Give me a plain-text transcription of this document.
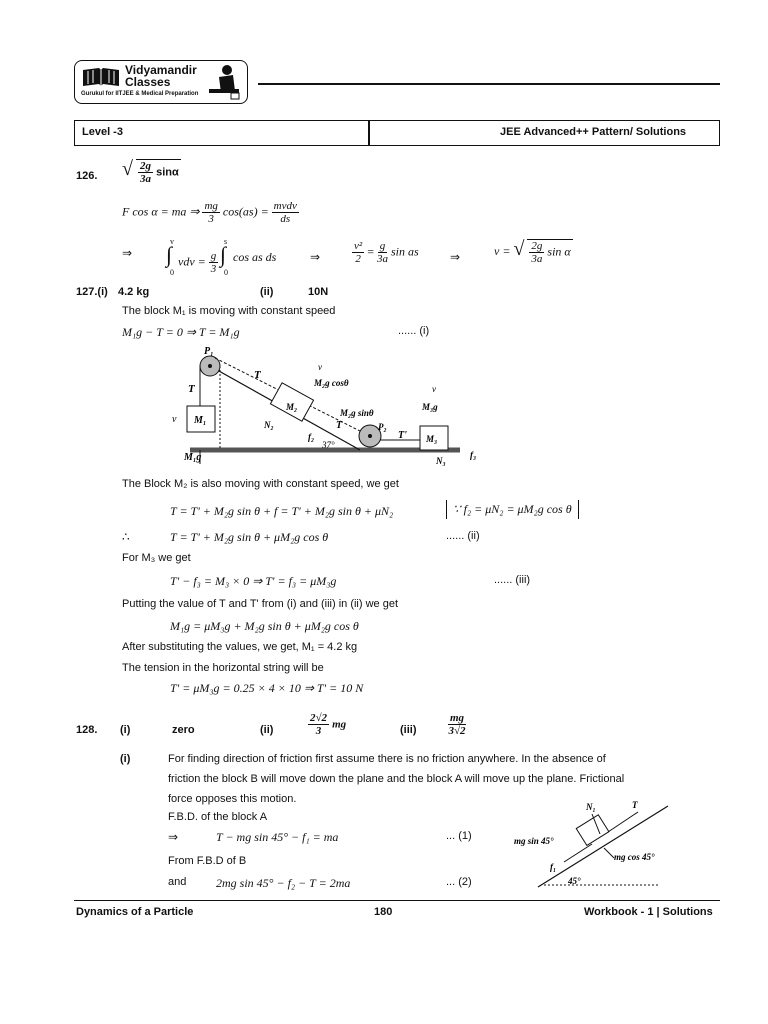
Vidyamandir
Classes
Gurukul for IITJEE & Medical Preparation
Level -3	JEE Advanced++ Pattern/ Solutions
126. √ $\frac{2g}{3a}$ sinα
F cos α = ma ⇒ $\frac{mg}{3} \cos(as) = \frac{\text{mvdv}}{ds}$
⇒
v
∫
0
vdv = $\frac{g}{3}$
s
∫
0
cos as ds	⇒	$\frac{\text{v²}}{2} = \frac{g}{3a}$ sin as	⇒	v = √ $\frac{2g}{3a}$ sin α
127.(i) 4.2 kg	(ii)	10N
The block M₁ is moving with constant speed
M₁g − T = 0 ⇒ T = M₁g	...... (i)
P₁
T
v M₁
M₁g
T
v
M₂g cosθ
M₂
M₂g sinθ
N₂
f₂
T
37°
P₂
T'
v
M₃g
M₃
N₃
f₃
The Block M₂ is also moving with constant speed, we get
T = T' + M₂g sin θ + f = T' + M₂g sin θ + μN₂	∵ f₂ = μN₂ = μM₂g cos θ
∴	T = T' + M₂g sin θ + μM₂g cos θ	...... (ii)
For M₃ we get
T' − f₃ = M₃ × 0 ⇒ T' = f₃ = μM₃g	...... (iii)
Putting the value of T and T' from (i) and (iii) in (ii) we get
M₁g = μM₃g + M₂g sin θ + μM₂g cos θ
After substituting the values, we get, M₁ = 4.2 kg
The tension in the horizontal string will be
T' = μM₃g = 0.25 × 4 × 10 ⇒ T' = 10 N
128. (i)	zero	(ii)	$\frac{2√2}{3}$ mg	(iii)	$\frac{mg}{3√2}$
(i)	For finding direction of friction first assume there is no friction anywhere. In the absence of
friction the block B will move down the plane and the block A will move up the plane. Frictional
force opposes this motion.
F.B.D. of the block A
⇒	T − mg sin 45° − f₁ = ma	... (1)
From F.B.D of B
and 2mg sin 45° − f₂ − T = 2ma	... (2)
N₁	T
mg sin 45°
mg cos 45°
f₁
45°
Dynamics of a Particle	180	Workbook - 1 | Solutions
